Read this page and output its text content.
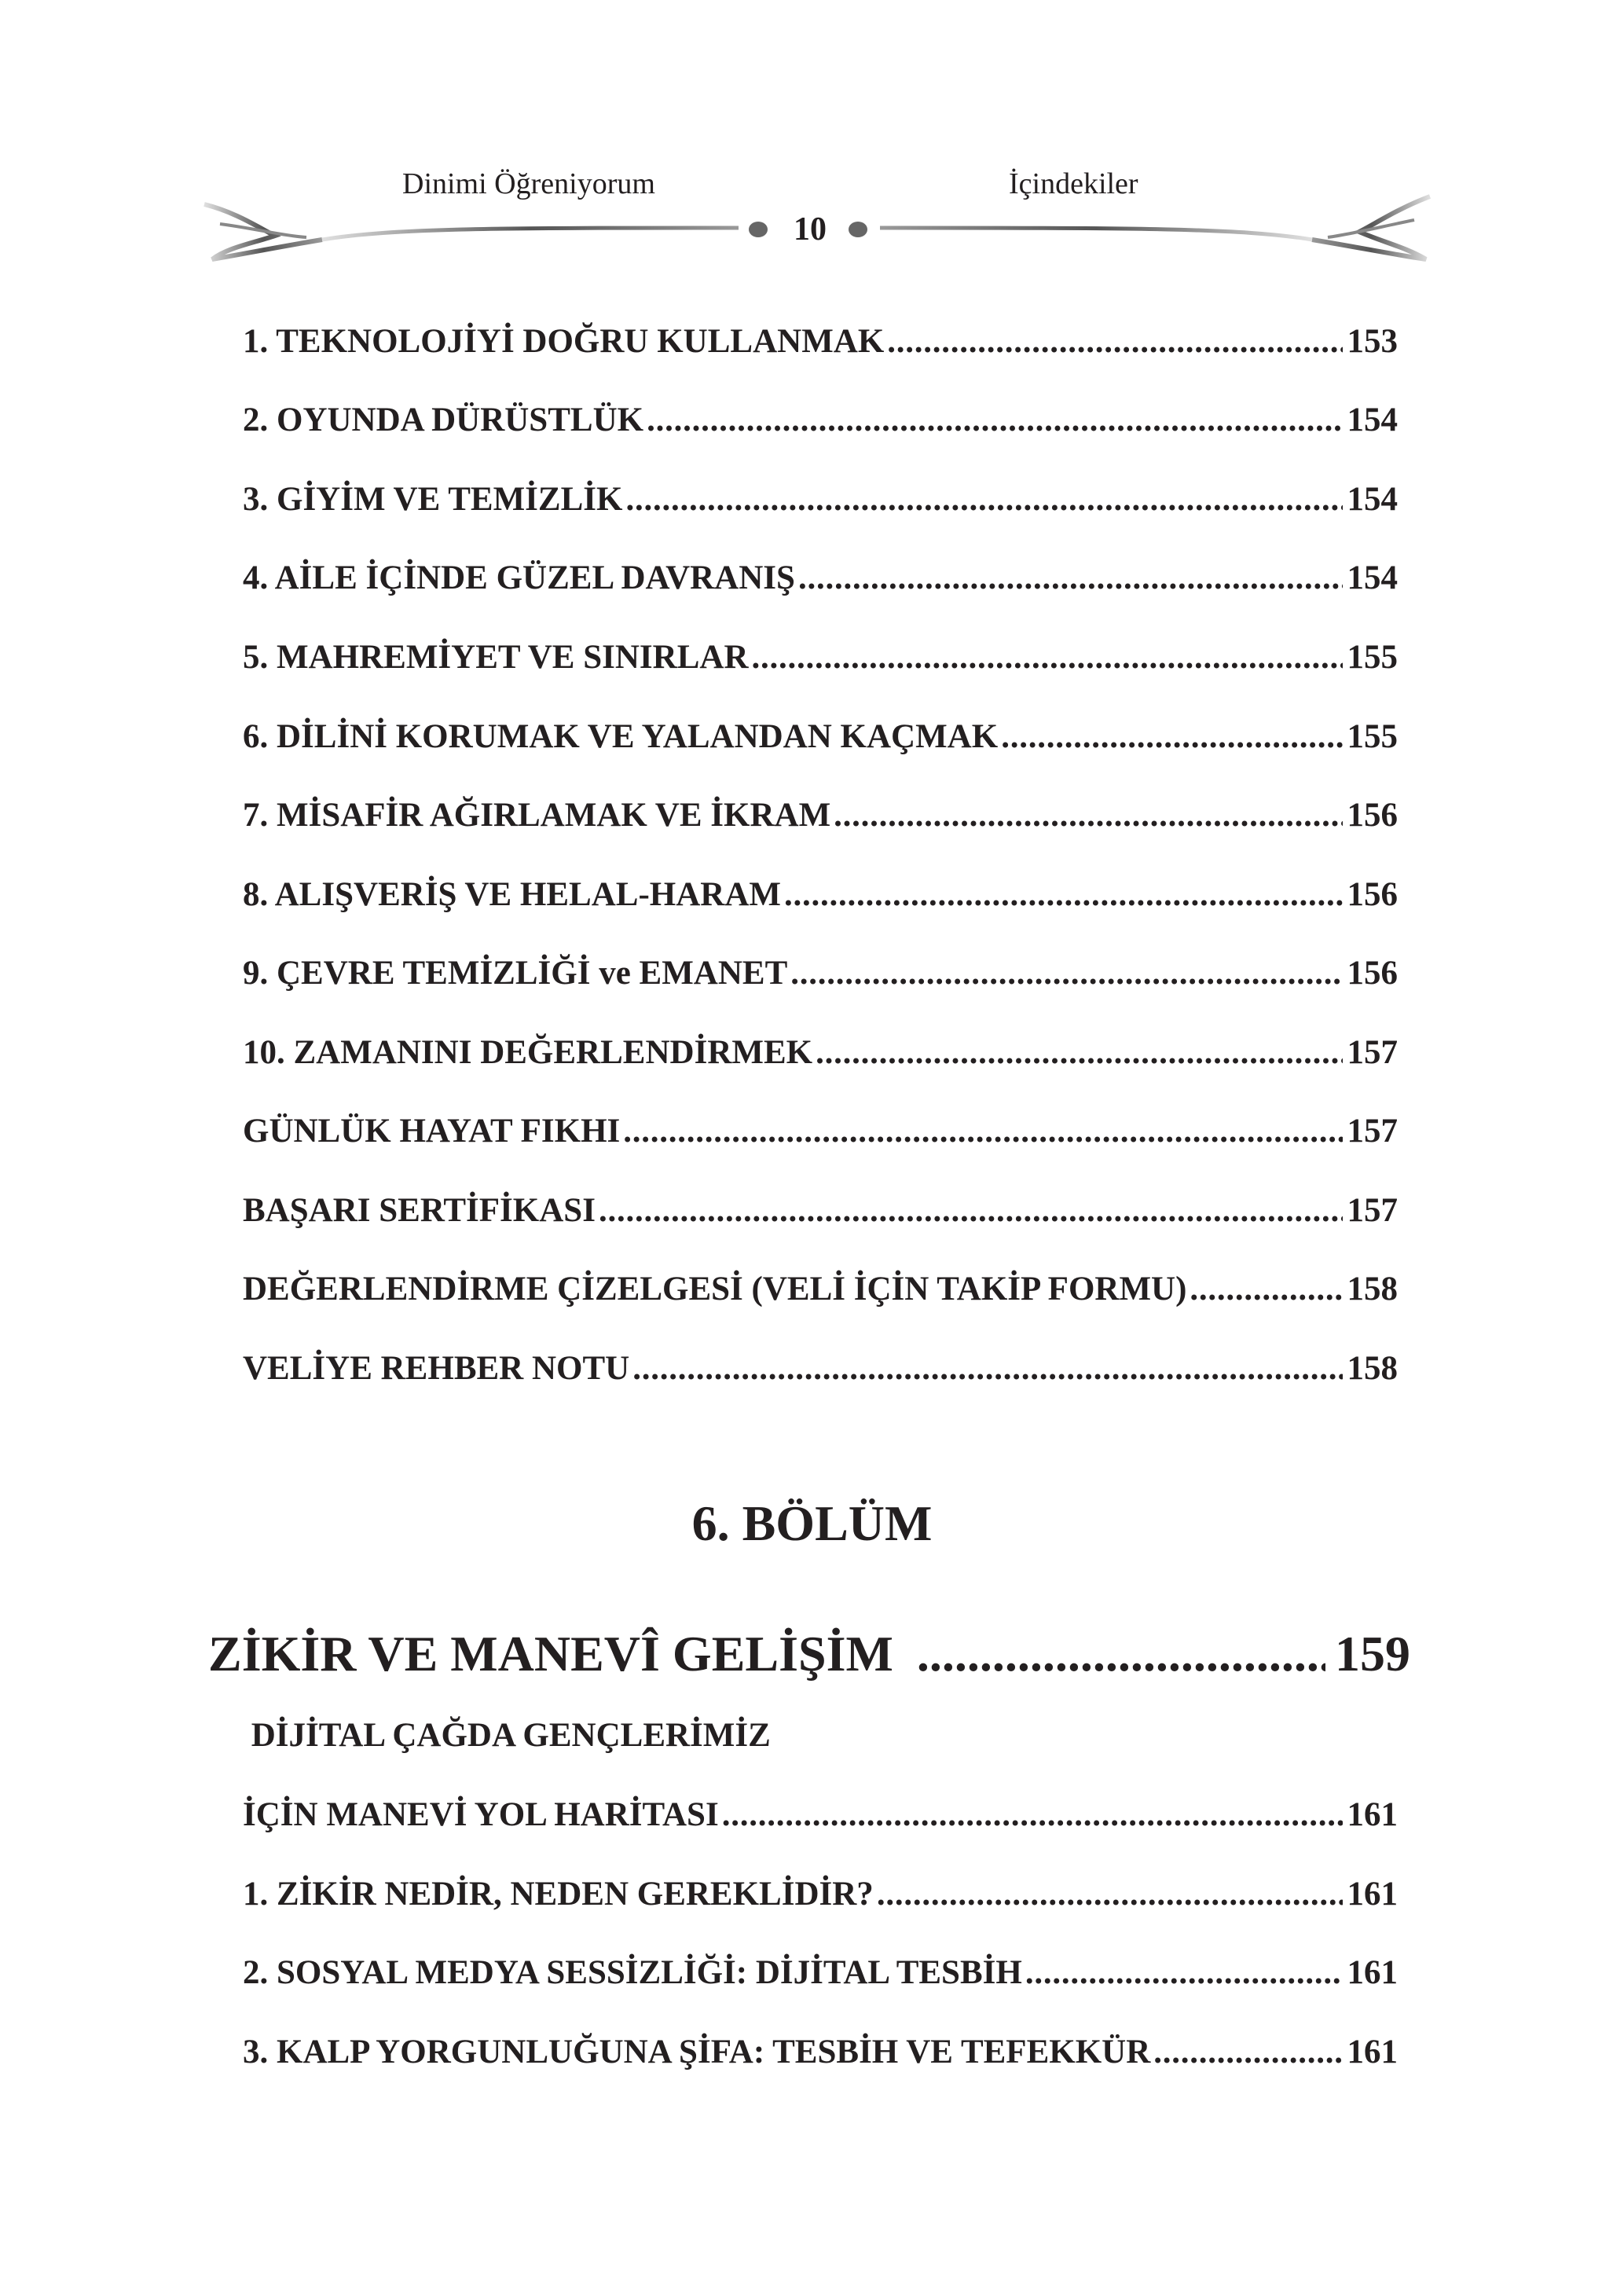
Dinimi Öğreniyorum	İçindekiler
10
1. TEKNOLOJİYİ DOĞRU KULLANMAK . . .	153
2. OYUNDA DÜRÜSTLÜK . . .	154
3. GİYİM VE TEMİZLİK . . .	154
4. AİLE İÇİNDE GÜZEL DAVRANIŞ . . .	154
5. MAHREMİYET VE SINIRLAR . . .	155
6. DİLİNİ KORUMAK VE YALANDAN KAÇMAK . . .	155
7. MİSAFİR AĞIRLAMAK VE İKRAM . . .	156
8. ALIŞVERİŞ VE HELAL-HARAM . . .	156
9. ÇEVRE TEMİZLİĞİ ve EMANET . . .	156
10. ZAMANINI DEĞERLENDİRMEK . . .	157
GÜNLÜK HAYAT FIKHI . . .	157
BAŞARI SERTİFİKASI . . .	157
DEĞERLENDİRME ÇİZELGESİ (VELİ İÇİN TAKİP FORMU) . . .	158
VELİYE REHBER NOTU . . .	158
6. BÖLÜM
ZİKİR VE MANEVÎ GELİŞİM . . .	159
DİJİTAL ÇAĞDA GENÇLERİMİZ
İÇİN MANEVİ YOL HARİTASI . . .	161
1. ZİKİR NEDİR, NEDEN GEREKLİDİR? . . .	161
2. SOSYAL MEDYA SESSİZLİĞİ: DİJİTAL TESBİH . . .	161
3. KALP YORGUNLUĞUNA ŞİFA: TESBİH VE TEFEKKÜR . . .	161
